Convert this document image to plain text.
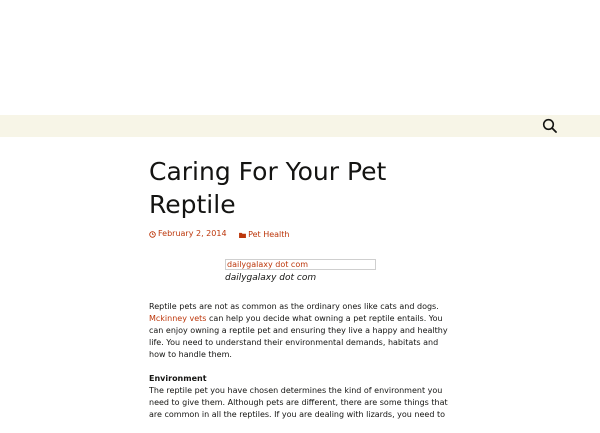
Caring For Your Pet Reptile
February 2, 2014
	Pet Health
dailygalaxy dot com
dailygalaxy dot com

Reptile pets are not as common as the ordinary ones like cats and dogs. Mckinney vets can help you decide what owning a pet reptile entails. You can enjoy owning a reptile pet and ensuring they live a happy and healthy life. You need to understand their environmental demands, habitats and how to handle them.

Environment

The reptile pet you have chosen determines the kind of environment you need to give them. Although pets are different, there are some things that are common in all the reptiles. If you are dealing with lizards, you need to
